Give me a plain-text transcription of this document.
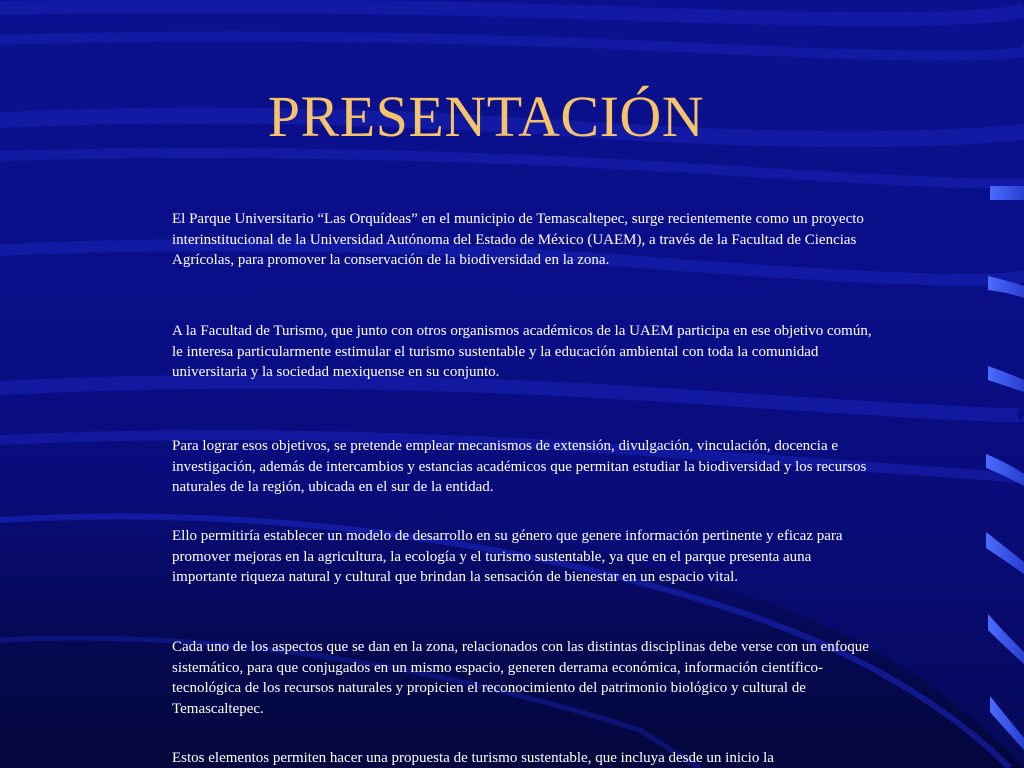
PRESENTACIÓN

El Parque Universitario “Las Orquídeas” en el municipio de Temascaltepec, surge recientemente como un proyecto interinstitucional de la Universidad Autónoma del Estado de México (UAEM), a través de la Facultad de Ciencias Agrícolas, para promover la conservación de la biodiversidad en la zona.

A la Facultad de Turismo, que junto con otros organismos académicos de la UAEM participa en ese objetivo común, le interesa particularmente estimular el turismo sustentable y la educación ambiental con toda la comunidad universitaria y la sociedad mexiquense en su conjunto.

Para lograr esos objetivos, se pretende emplear mecanismos de extensión, divulgación, vinculación, docencia e investigación, además de intercambios y estancias académicos que permitan estudiar la biodiversidad y los recursos naturales de la región, ubicada en el sur de la entidad.

Ello permitiría establecer un modelo de desarrollo en su género que genere información pertinente y eficaz para promover mejoras en la agricultura, la ecología y el turismo sustentable, ya que en el parque presenta auna importante riqueza natural y cultural que brindan la sensación de bienestar en un espacio vital.

Cada uno de los aspectos que se dan en la zona, relacionados con las distintas disciplinas debe verse con un enfoque sistemático, para que conjugados en un mismo espacio, generen derrama económica, información científico-tecnológica de los recursos naturales y propicien el reconocimiento del patrimonio biológico y cultural de Temascaltepec.

Estos elementos permiten hacer una propuesta de turismo sustentable, que incluya desde un inicio la
